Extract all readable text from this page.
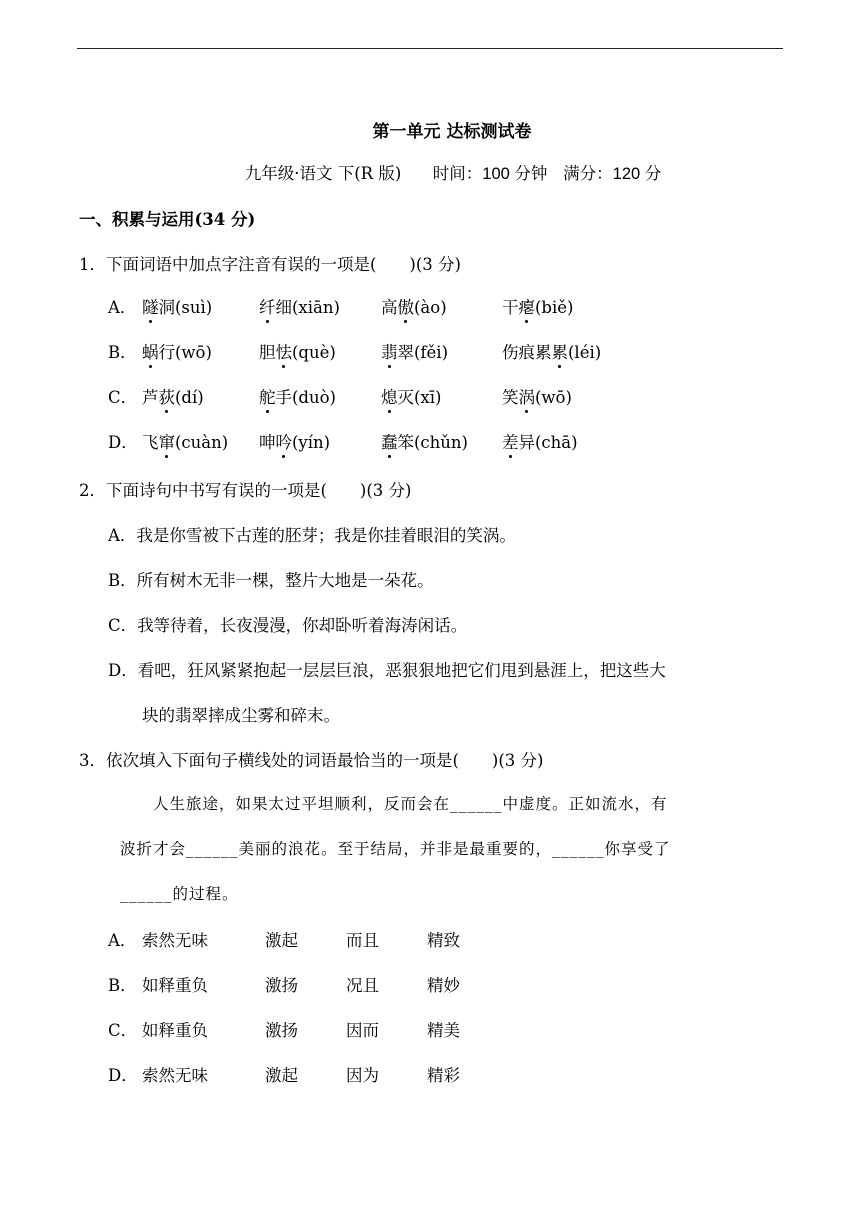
第一单元 达标测试卷
九年级·语文 下(R 版) 时间：100 分钟 满分：120 分
一、积累与运用(34 分)
1．下面词语中加点字注音有误的一项是(　　)(3 分)
A． 隧洞(suì)	纤细(xiān) 高傲(ào)	干瘪(biě)
B． 蜗行(wō)	胆怯(què)	翡翠(fěi)	伤痕累累(léi)
C． 芦荻(dí)	舵手(duò)	熄灭(xī)	笑涡(wō)
D． 飞窜(cuàn) 呻吟(yín)	蠢笨(chǔn) 差异(chā)
2．下面诗句中书写有误的一项是(　　)(3 分)
A．我是你雪被下古莲的胚芽；我是你挂着眼泪的笑涡。
B．所有树木无非一棵，整片大地是一朵花。
C．我等待着，长夜漫漫，你却卧听着海涛闲话。
D．看吧，狂风紧紧抱起一层层巨浪，恶狠狠地把它们甩到悬涯上，把这些大
块的翡翠摔成尘雾和碎末。
3．依次填入下面句子横线处的词语最恰当的一项是(　　)(3 分)
　　人生旅途，如果太过平坦顺利，反而会在______中虚度。正如流水，有
波折才会______美丽的浪花。至于结局，并非是最重要的，______你享受了
______的过程。
A． 索然无味	激起	而且	精致
B． 如释重负	激扬	况且	精妙
C． 如释重负	激扬	因而	精美
D． 索然无味	激起	因为	精彩
